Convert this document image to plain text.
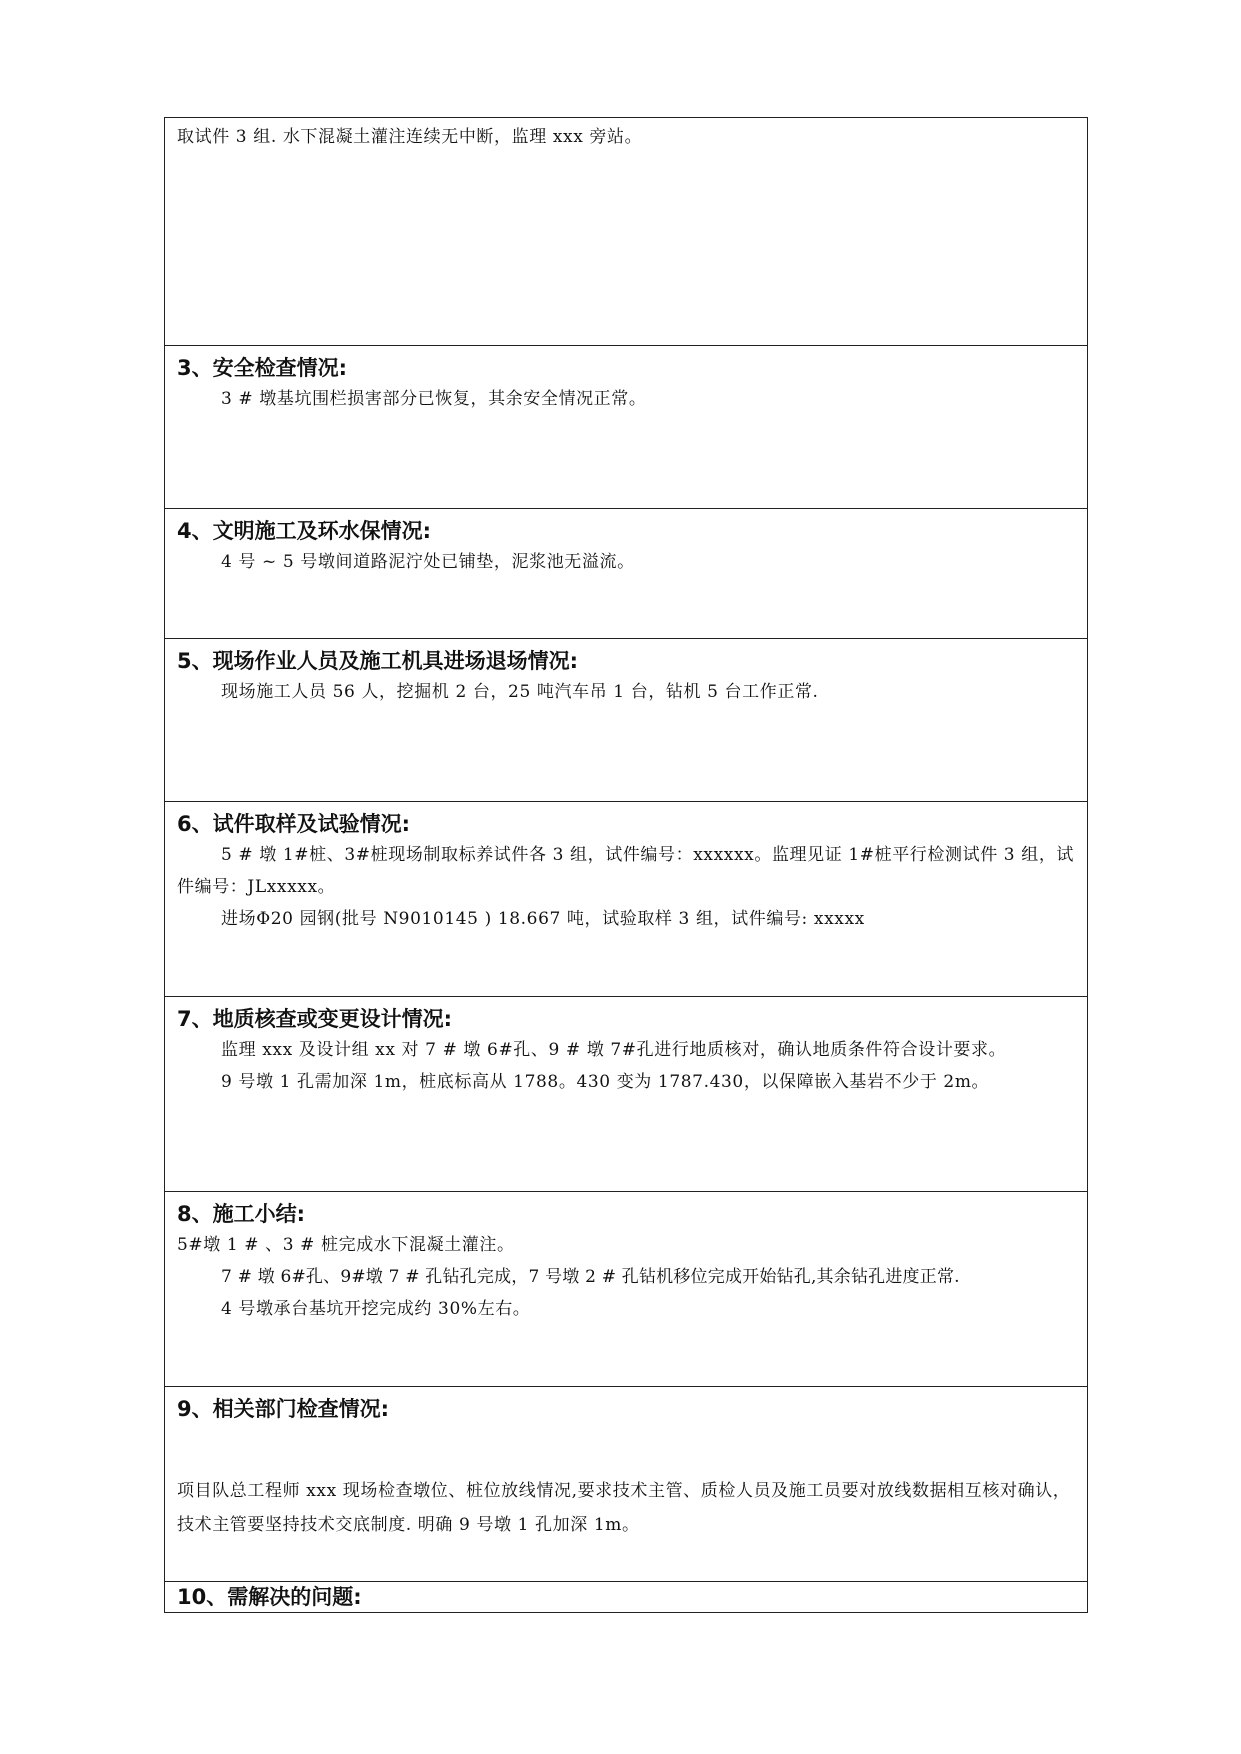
取试件 3 组. 水下混凝土灌注连续无中断，监理 xxx 旁站。
3、安全检查情况:
3 # 墩基坑围栏损害部分已恢复，其余安全情况正常。
4、文明施工及环水保情况:
4 号 ~ 5 号墩间道路泥泞处已铺垫，泥浆池无溢流。
5、现场作业人员及施工机具进场退场情况:
现场施工人员 56 人，挖掘机 2 台，25 吨汽车吊 1 台，钻机 5 台工作正常.
6、试件取样及试验情况:
5 # 墩 1#桩、3#桩现场制取标养试件各 3 组，试件编号：xxxxxx。监理见证 1#桩平行检测试件 3 组，试件编号：JLxxxxx。
进场Φ20 园钢(批号 N9010145 ) 18.667 吨，试验取样 3 组，试件编号: xxxxx
7、地质核查或变更设计情况:
监理 xxx 及设计组 xx 对 7 # 墩 6#孔、9 # 墩 7#孔进行地质核对，确认地质条件符合设计要求。
9 号墩 1 孔需加深 1m，桩底标高从 1788。430 变为 1787.430，以保障嵌入基岩不少于 2m。
8、施工小结:
5#墩 1 # 、3 # 桩完成水下混凝土灌注。
7 # 墩 6#孔、9#墩 7 # 孔钻孔完成，7 号墩 2 # 孔钻机移位完成开始钻孔,其余钻孔进度正常.
4 号墩承台基坑开挖完成约 30%左右。
9、相关部门检查情况:
项目队总工程师 xxx 现场检查墩位、桩位放线情况,要求技术主管、质检人员及施工员要对放线数据相互核对确认，技术主管要坚持技术交底制度. 明确 9 号墩 1 孔加深 1m。
10、需解决的问题:
